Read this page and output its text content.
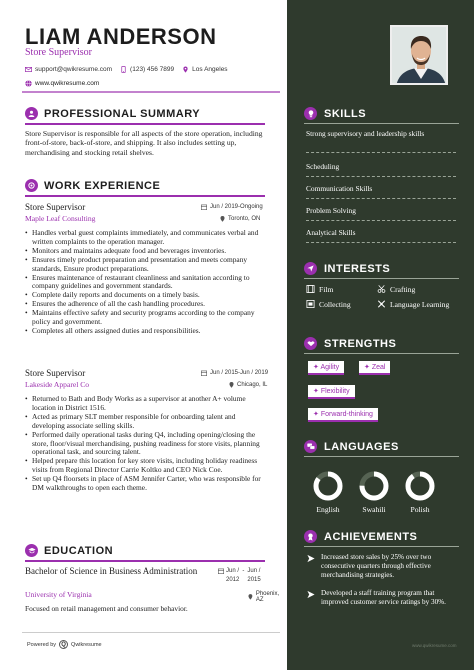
LIAM ANDERSON
Store Supervisor
support@qwikresume.com	(123) 456 7899	Los Angeles
www.qwikresume.com
PROFESSIONAL SUMMARY
Store Supervisor is responsible for all aspects of the store operation, including front-of-store, back-of-store, and shipping. It also includes setting up, merchandising and stocking retail shelves.
WORK EXPERIENCE
Store Supervisor	Jun / 2019-Ongoing
Maple Leaf Consulting	Toronto, ON
• Handles verbal guest complaints immediately, and communicates verbal and written complaints to the operation manager.
• Monitors and maintains adequate food and beverages inventories.
• Ensures timely product preparation and presentation and meets company standards, Ensure product preparations.
• Ensures maintenance of restaurant cleanliness and sanitation according to company guidelines and government standards.
• Complete daily reports and documents on a timely basis.
• Ensures the adherence of all the cash handling procedures.
• Maintains effective safety and security programs according to the company policy and government.
• Completes all others assigned duties and responsibilities.
Store Supervisor	Jun / 2015-Jun / 2019
Lakeside Apparel Co	Chicago, IL
• Returned to Bath and Body Works as a supervisor at another A+ volume location in District 1516.
• Acted as primary SLT member responsible for onboarding talent and developing associate selling skills.
• Performed daily operational tasks during Q4, including opening/closing the store, floor/visual merchandising, pushing readiness for store visits, planning operational task, and sourcing talent.
• Helped prepare this location for key store visits, including holiday readiness visits from Regional Director Carrie Koltko and CEO Nick Coe.
• Set up Q4 floorsets in place of ASM Jennifer Carter, who was responsible for DM walkthroughs to open each theme.
EDUCATION
Bachelor of Science in Business Administration	Jun /
2012
- Jun /
2015
University of Virginia	Phoenix, AZ
Focused on retail management and consumer behavior.
Powered by Q Qwikresume
SKILLS
Strong supervisory and leadership skills
Scheduling
Communication Skills
Problem Solving
Analytical Skills
INTERESTS
Film	Crafting
Collecting	Language Learning
STRENGTHS
✦ Agility	✦ Zeal
✦ Flexibility
✦ Forward-thinking
LANGUAGES
English	Swahili	Polish
ACHIEVEMENTS
Increased store sales by 25% over two consecutive quarters through effective merchandising strategies.
Developed a staff training program that improved customer service ratings by 30%.
www.qwikresume.com
